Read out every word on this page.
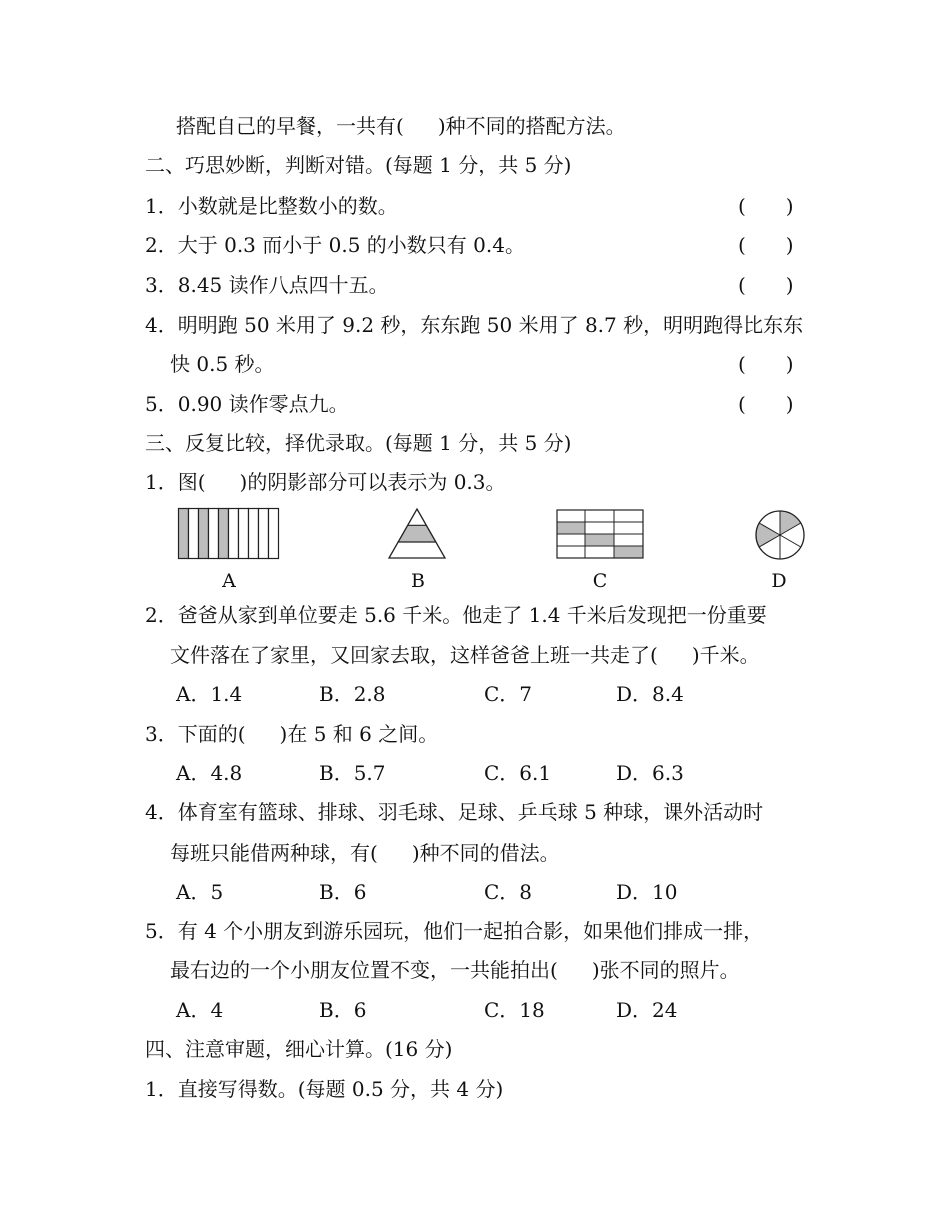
搭配自己的早餐，一共有( )种不同的搭配方法。
二、巧思妙断，判断对错。(每题 1 分，共 5 分)
1．小数就是比整数小的数。	(　　)
2．大于 0.3 而小于 0.5 的小数只有 0.4。	(　　)
3．8.45 读作八点四十五。	(　　)
4．明明跑 50 米用了 9.2 秒，东东跑 50 米用了 8.7 秒，明明跑得比东东
快 0.5 秒。	(　　)
5．0.90 读作零点九。	(　　)
三、反复比较，择优录取。(每题 1 分，共 5 分)
1．图( )的阴影部分可以表示为 0.3。
A	B	C	D
2．爸爸从家到单位要走 5.6 千米。他走了 1.4 千米后发现把一份重要
文件落在了家里，又回家去取，这样爸爸上班一共走了( )千米。
A．1.4	B．2.8	C．7	D．8.4
3．下面的( )在 5 和 6 之间。
A．4.8	B．5.7	C．6.1	D．6.3
4．体育室有篮球、排球、羽毛球、足球、乒乓球 5 种球，课外活动时
每班只能借两种球，有( )种不同的借法。
A．5	B．6	C．8	D．10
5．有 4 个小朋友到游乐园玩，他们一起拍合影，如果他们排成一排，
最右边的一个小朋友位置不变，一共能拍出( )张不同的照片。
A．4	B．6	C．18	D．24
四、注意审题，细心计算。(16 分)
1．直接写得数。(每题 0.5 分，共 4 分)
